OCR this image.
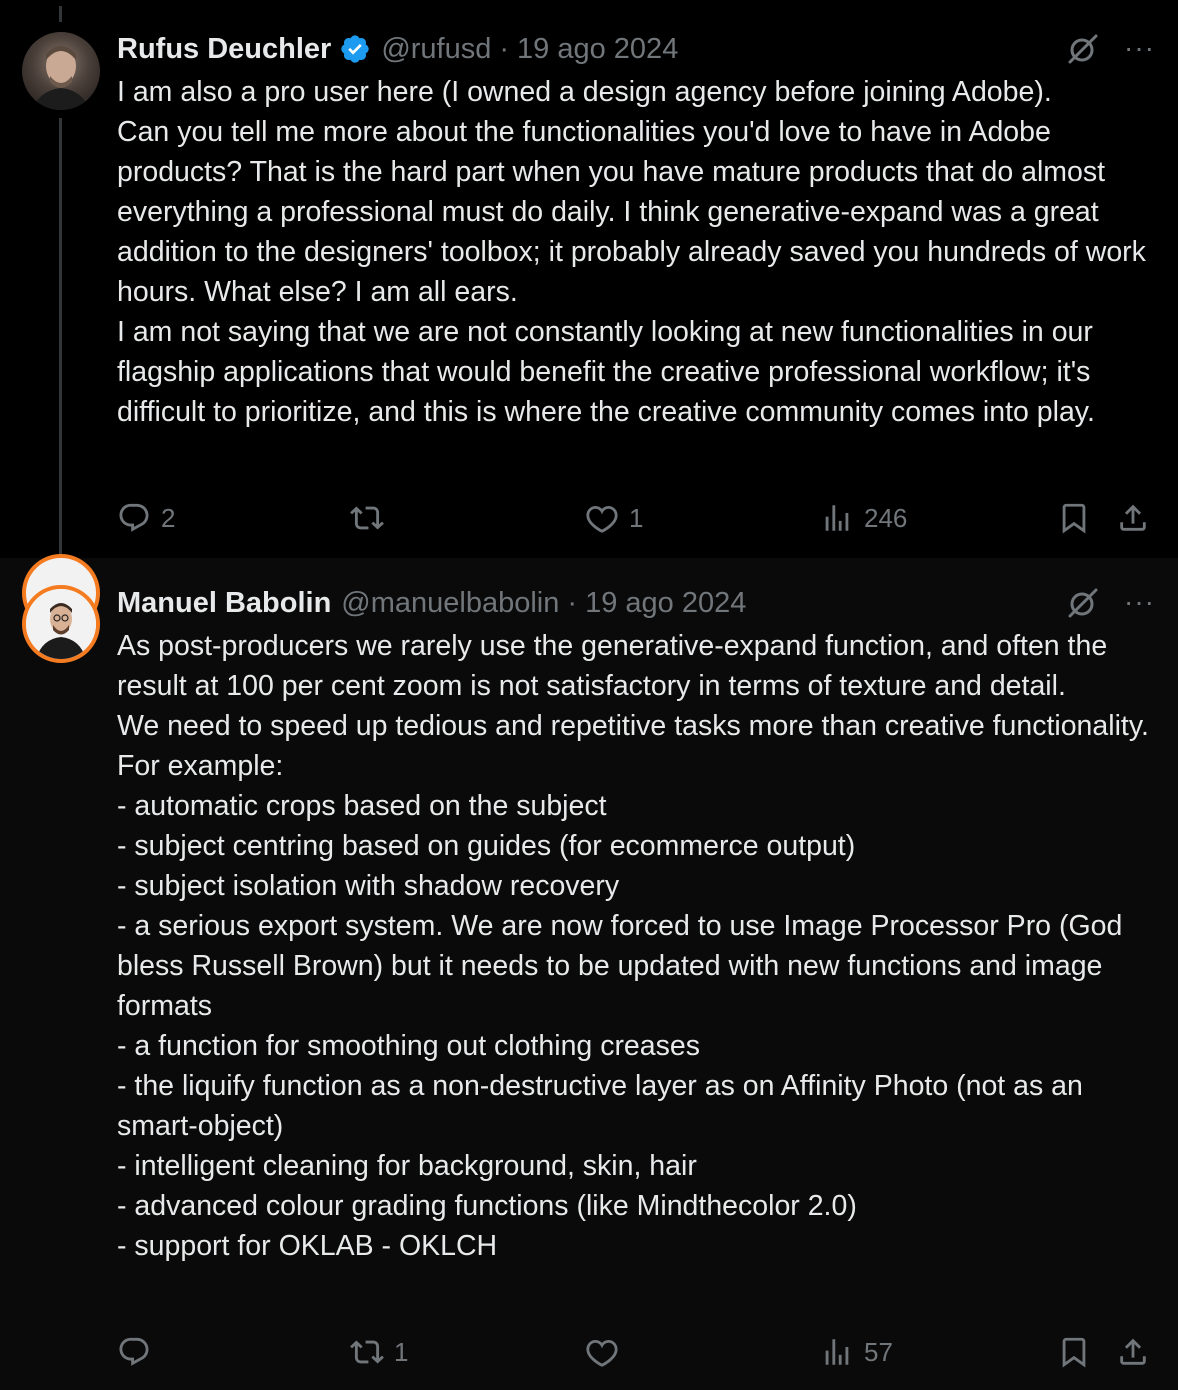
Rufus Deuchler @rufusd · 19 ago 2024	···
I am also a pro user here (I owned a design agency before joining Adobe).
Can you tell me more about the functionalities you'd love to have in Adobe products? That is the hard part when you have mature products that do almost everything a professional must do daily. I think generative-expand was a great addition to the designers' toolbox; it probably already saved you hundreds of work hours. What else? I am all ears.
I am not saying that we are not constantly looking at new functionalities in our flagship applications that would benefit the creative professional workflow; it's difficult to prioritize, and this is where the creative community comes into play.
2	1	246
Manuel Babolin @manuelbabolin · 19 ago 2024	···
As post-producers we rarely use the generative-expand function, and often the result at 100 per cent zoom is not satisfactory in terms of texture and detail.
We need to speed up tedious and repetitive tasks more than creative functionality. For example:
- automatic crops based on the subject
- subject centring based on guides (for ecommerce output)
- subject isolation with shadow recovery
- a serious export system. We are now forced to use Image Processor Pro (God bless Russell Brown) but it needs to be updated with new functions and image formats
- a function for smoothing out clothing creases
- the liquify function as a non-destructive layer as on Affinity Photo (not as an smart-object)
- intelligent cleaning for background, skin, hair
- advanced colour grading functions (like Mindthecolor 2.0)
- support for OKLAB - OKLCH
1	57
